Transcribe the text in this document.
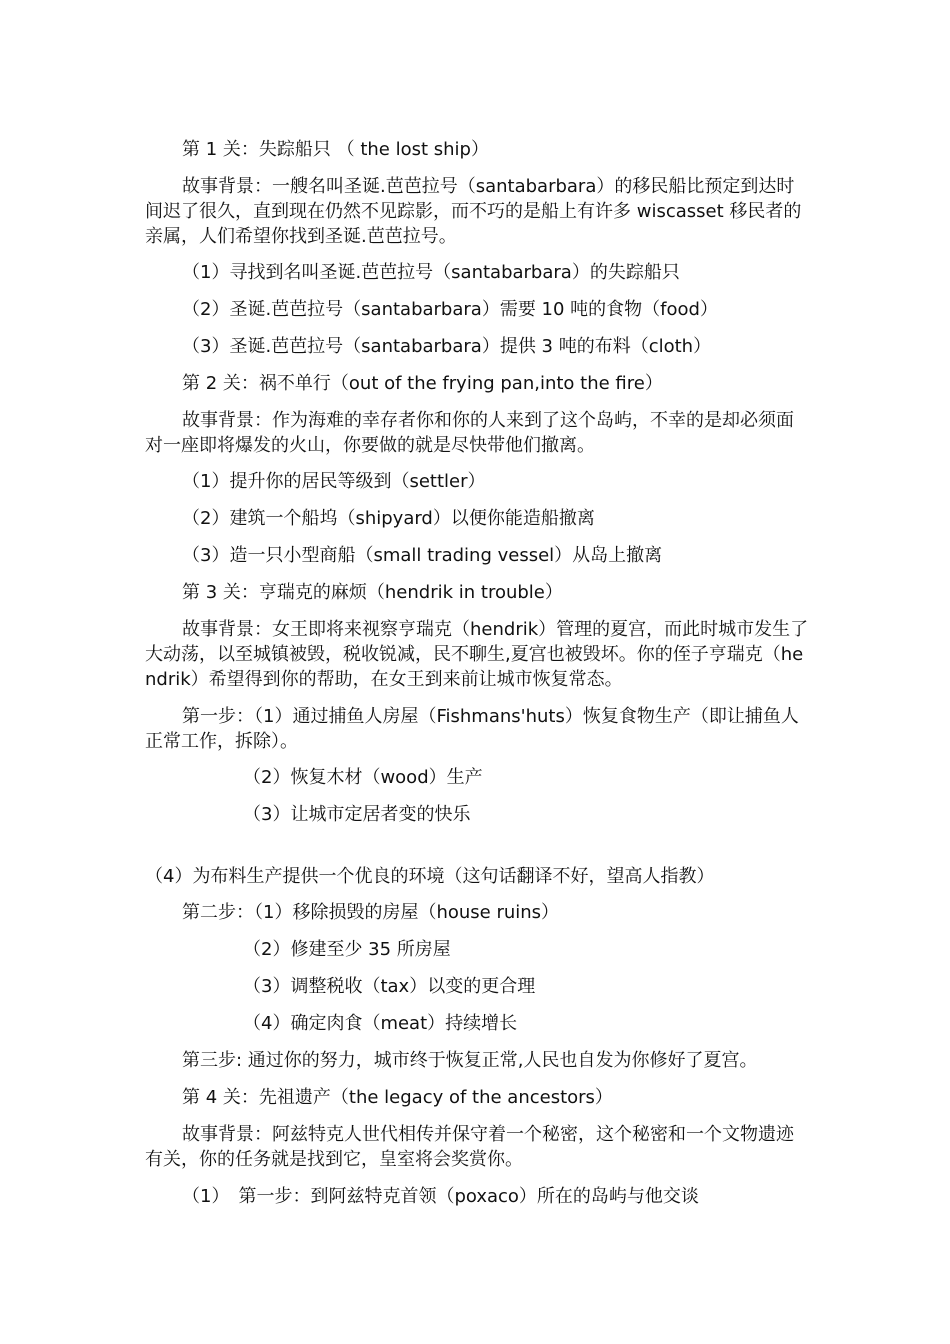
第 1 关：失踪船只 （ the lost ship）
故事背景：一艘名叫圣诞.芭芭拉号（santabarbara）的移民船比预定到达时间迟了很久，直到现在仍然不见踪影，而不巧的是船上有许多 wiscasset 移民者的亲属，人们希望你找到圣诞.芭芭拉号。
（1）寻找到名叫圣诞.芭芭拉号（santabarbara）的失踪船只
（2）圣诞.芭芭拉号（santabarbara）需要 10 吨的食物（food）
（3）圣诞.芭芭拉号（santabarbara）提供 3 吨的布料（cloth）
第 2 关：祸不单行（out of the frying pan,into the fire）
故事背景：作为海难的幸存者你和你的人来到了这个岛屿，不幸的是却必须面对一座即将爆发的火山，你要做的就是尽快带他们撤离。
（1）提升你的居民等级到（settler）
（2）建筑一个船坞（shipyard）以便你能造船撤离
（3）造一只小型商船（small trading vessel）从岛上撤离
第 3 关：亨瑞克的麻烦（hendrik in trouble）
故事背景：女王即将来视察亨瑞克（hendrik）管理的夏宫，而此时城市发生了大动荡，以至城镇被毁，税收锐减，民不聊生,夏宫也被毁坏。你的侄子亨瑞克（hendrik）希望得到你的帮助，在女王到来前让城市恢复常态。
第一步：（1）通过捕鱼人房屋（Fishmans'huts）恢复食物生产（即让捕鱼人正常工作，拆除）。
（2）恢复木材（wood）生产
（3）让城市定居者变的快乐
（4）为布料生产提供一个优良的环境（这句话翻译不好，望高人指教）
第二步：（1）移除损毁的房屋（house ruins）
（2）修建至少 35 所房屋
（3）调整税收（tax）以变的更合理
（4）确定肉食（meat）持续增长
第三步: 通过你的努力，城市终于恢复正常,人民也自发为你修好了夏宫。
第 4 关：先祖遗产（the legacy of the ancestors）
故事背景：阿兹特克人世代相传并保守着一个秘密，这个秘密和一个文物遗迹有关，你的任务就是找到它，皇室将会奖赏你。
（1）　第一步：到阿兹特克首领（poxaco）所在的岛屿与他交谈
